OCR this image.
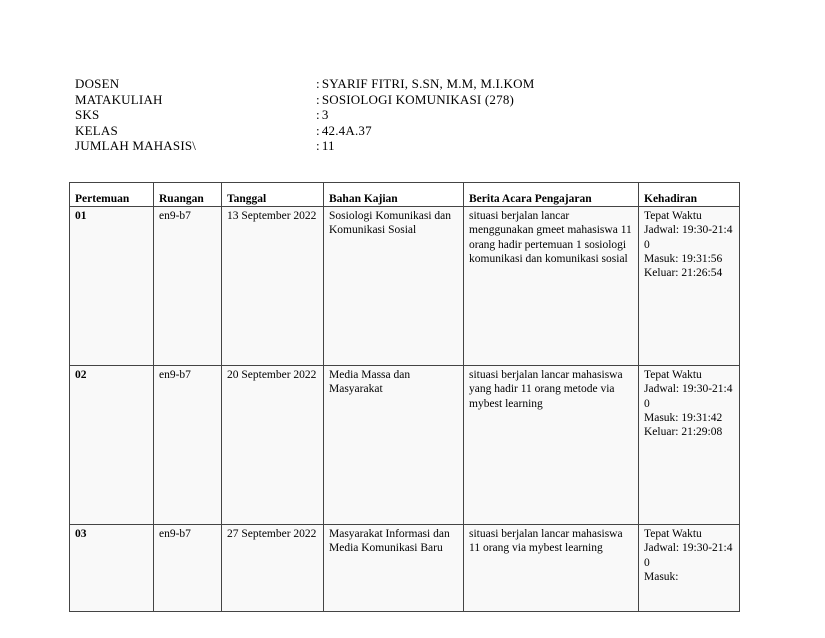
DOSEN	: SYARIF FITRI, S.SN, M.M, M.I.KOM
MATAKULIAH	: SOSIOLOGI KOMUNIKASI (278)
SKS	: 3
KELAS	: 42.4A.37
JUMLAH MAHASIS\	: 11
Pertemuan	Ruangan	Tanggal	Bahan Kajian	Berita Acara Pengajaran	Kehadiran
01	en9-b7	13 September 2022	Sosiologi Komunikasi dan Komunikasi Sosial	situasi berjalan lancar menggunakan gmeet mahasiswa 11 orang hadir pertemuan 1 sosiologi komunikasi dan komunikasi sosial	Tepat Waktu
Jadwal: 19:30-21:40
Masuk: 19:31:56
Keluar: 21:26:54

02	en9-b7	20 September 2022	Media Massa dan Masyarakat	situasi berjalan lancar mahasiswa yang hadir 11 orang metode via mybest learning	Tepat Waktu
Jadwal: 19:30-21:40
Masuk: 19:31:42
Keluar: 21:29:08

03	en9-b7	27 September 2022	Masyarakat Informasi dan Media Komunikasi Baru	situasi berjalan lancar mahasiswa 11 orang via mybest learning	Tepat Waktu
Jadwal: 19:30-21:40
Masuk:
